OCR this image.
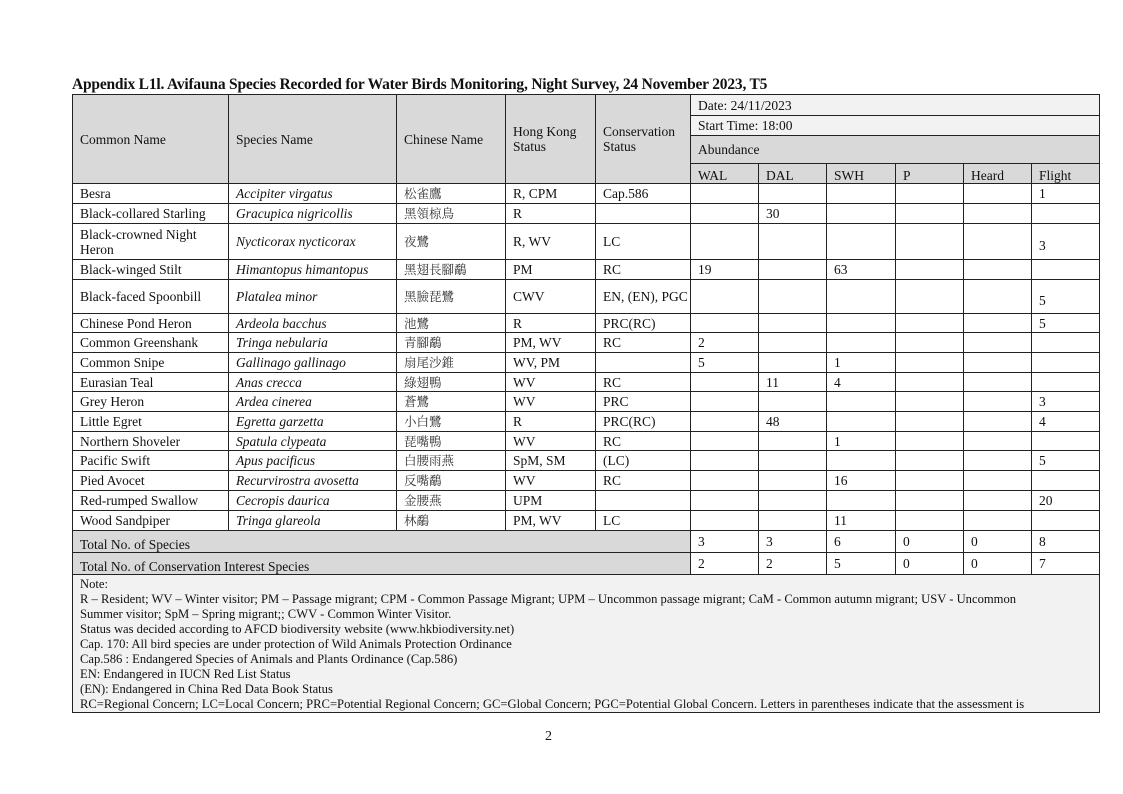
Appendix L1l. Avifauna Species Recorded for Water Birds Monitoring, Night Survey, 24 November 2023, T5
Common Name	Species Name	Chinese Name	Hong Kong Status	Conservation Status	Date: 24/11/2023					
					Start Time: 18:00					
					Abundance					
					WAL	DAL	SWH	P	Heard	Flight
Besra	Accipiter virgatus	松雀鷹	R, CPM	Cap.586						1
Black-collared Starling	Gracupica nigricollis	黑領椋鳥	R			30				
Black-crowned Night Heron	Nycticorax nycticorax	夜鷺	R, WV	LC						3
Black-winged Stilt	Himantopus himantopus	黑翅長腳鷸	PM	RC	19		63			
Black-faced Spoonbill	Platalea minor	黑臉琵鷺	CWV	EN, (EN), PGC						5
Chinese Pond Heron	Ardeola bacchus	池鷺	R	PRC(RC)						5
Common Greenshank	Tringa nebularia	青腳鷸	PM, WV	RC	2					
Common Snipe	Gallinago gallinago	扇尾沙錐	WV, PM		5		1			
Eurasian Teal	Anas crecca	綠翅鴨	WV	RC		11	4			
Grey Heron	Ardea cinerea	蒼鷺	WV	PRC						3
Little Egret	Egretta garzetta	小白鷺	R	PRC(RC)		48				4
Northern Shoveler	Spatula clypeata	琵嘴鴨	WV	RC			1			
Pacific Swift	Apus pacificus	白腰雨燕	SpM, SM	(LC)						5
Pied Avocet	Recurvirostra avosetta	反嘴鷸	WV	RC			16			
Red-rumped Swallow	Cecropis daurica	金腰燕	UPM							20
Wood Sandpiper	Tringa glareola	林鷸	PM, WV	LC			11			
Total No. of Species					3	3	6	0	0	8
Total No. of Conservation Interest Species					2	2	5	0	0	7

Note:
R – Resident; WV – Winter visitor; PM – Passage migrant; CPM - Common Passage Migrant; UPM – Uncommon passage migrant; CaM - Common autumn migrant; USV - Uncommon
Summer visitor; SpM – Spring migrant;; CWV - Common Winter Visitor.
Status was decided according to AFCD biodiversity website (www.hkbiodiversity.net)
Cap. 170: All bird species are under protection of Wild Animals Protection Ordinance
Cap.586 : Endangered Species of Animals and Plants Ordinance (Cap.586)
EN: Endangered in IUCN Red List Status
(EN): Endangered in China Red Data Book Status
RC=Regional Concern; LC=Local Concern; PRC=Potential Regional Concern; GC=Global Concern; PGC=Potential Global Concern. Letters in parentheses indicate that the assessment is
2
